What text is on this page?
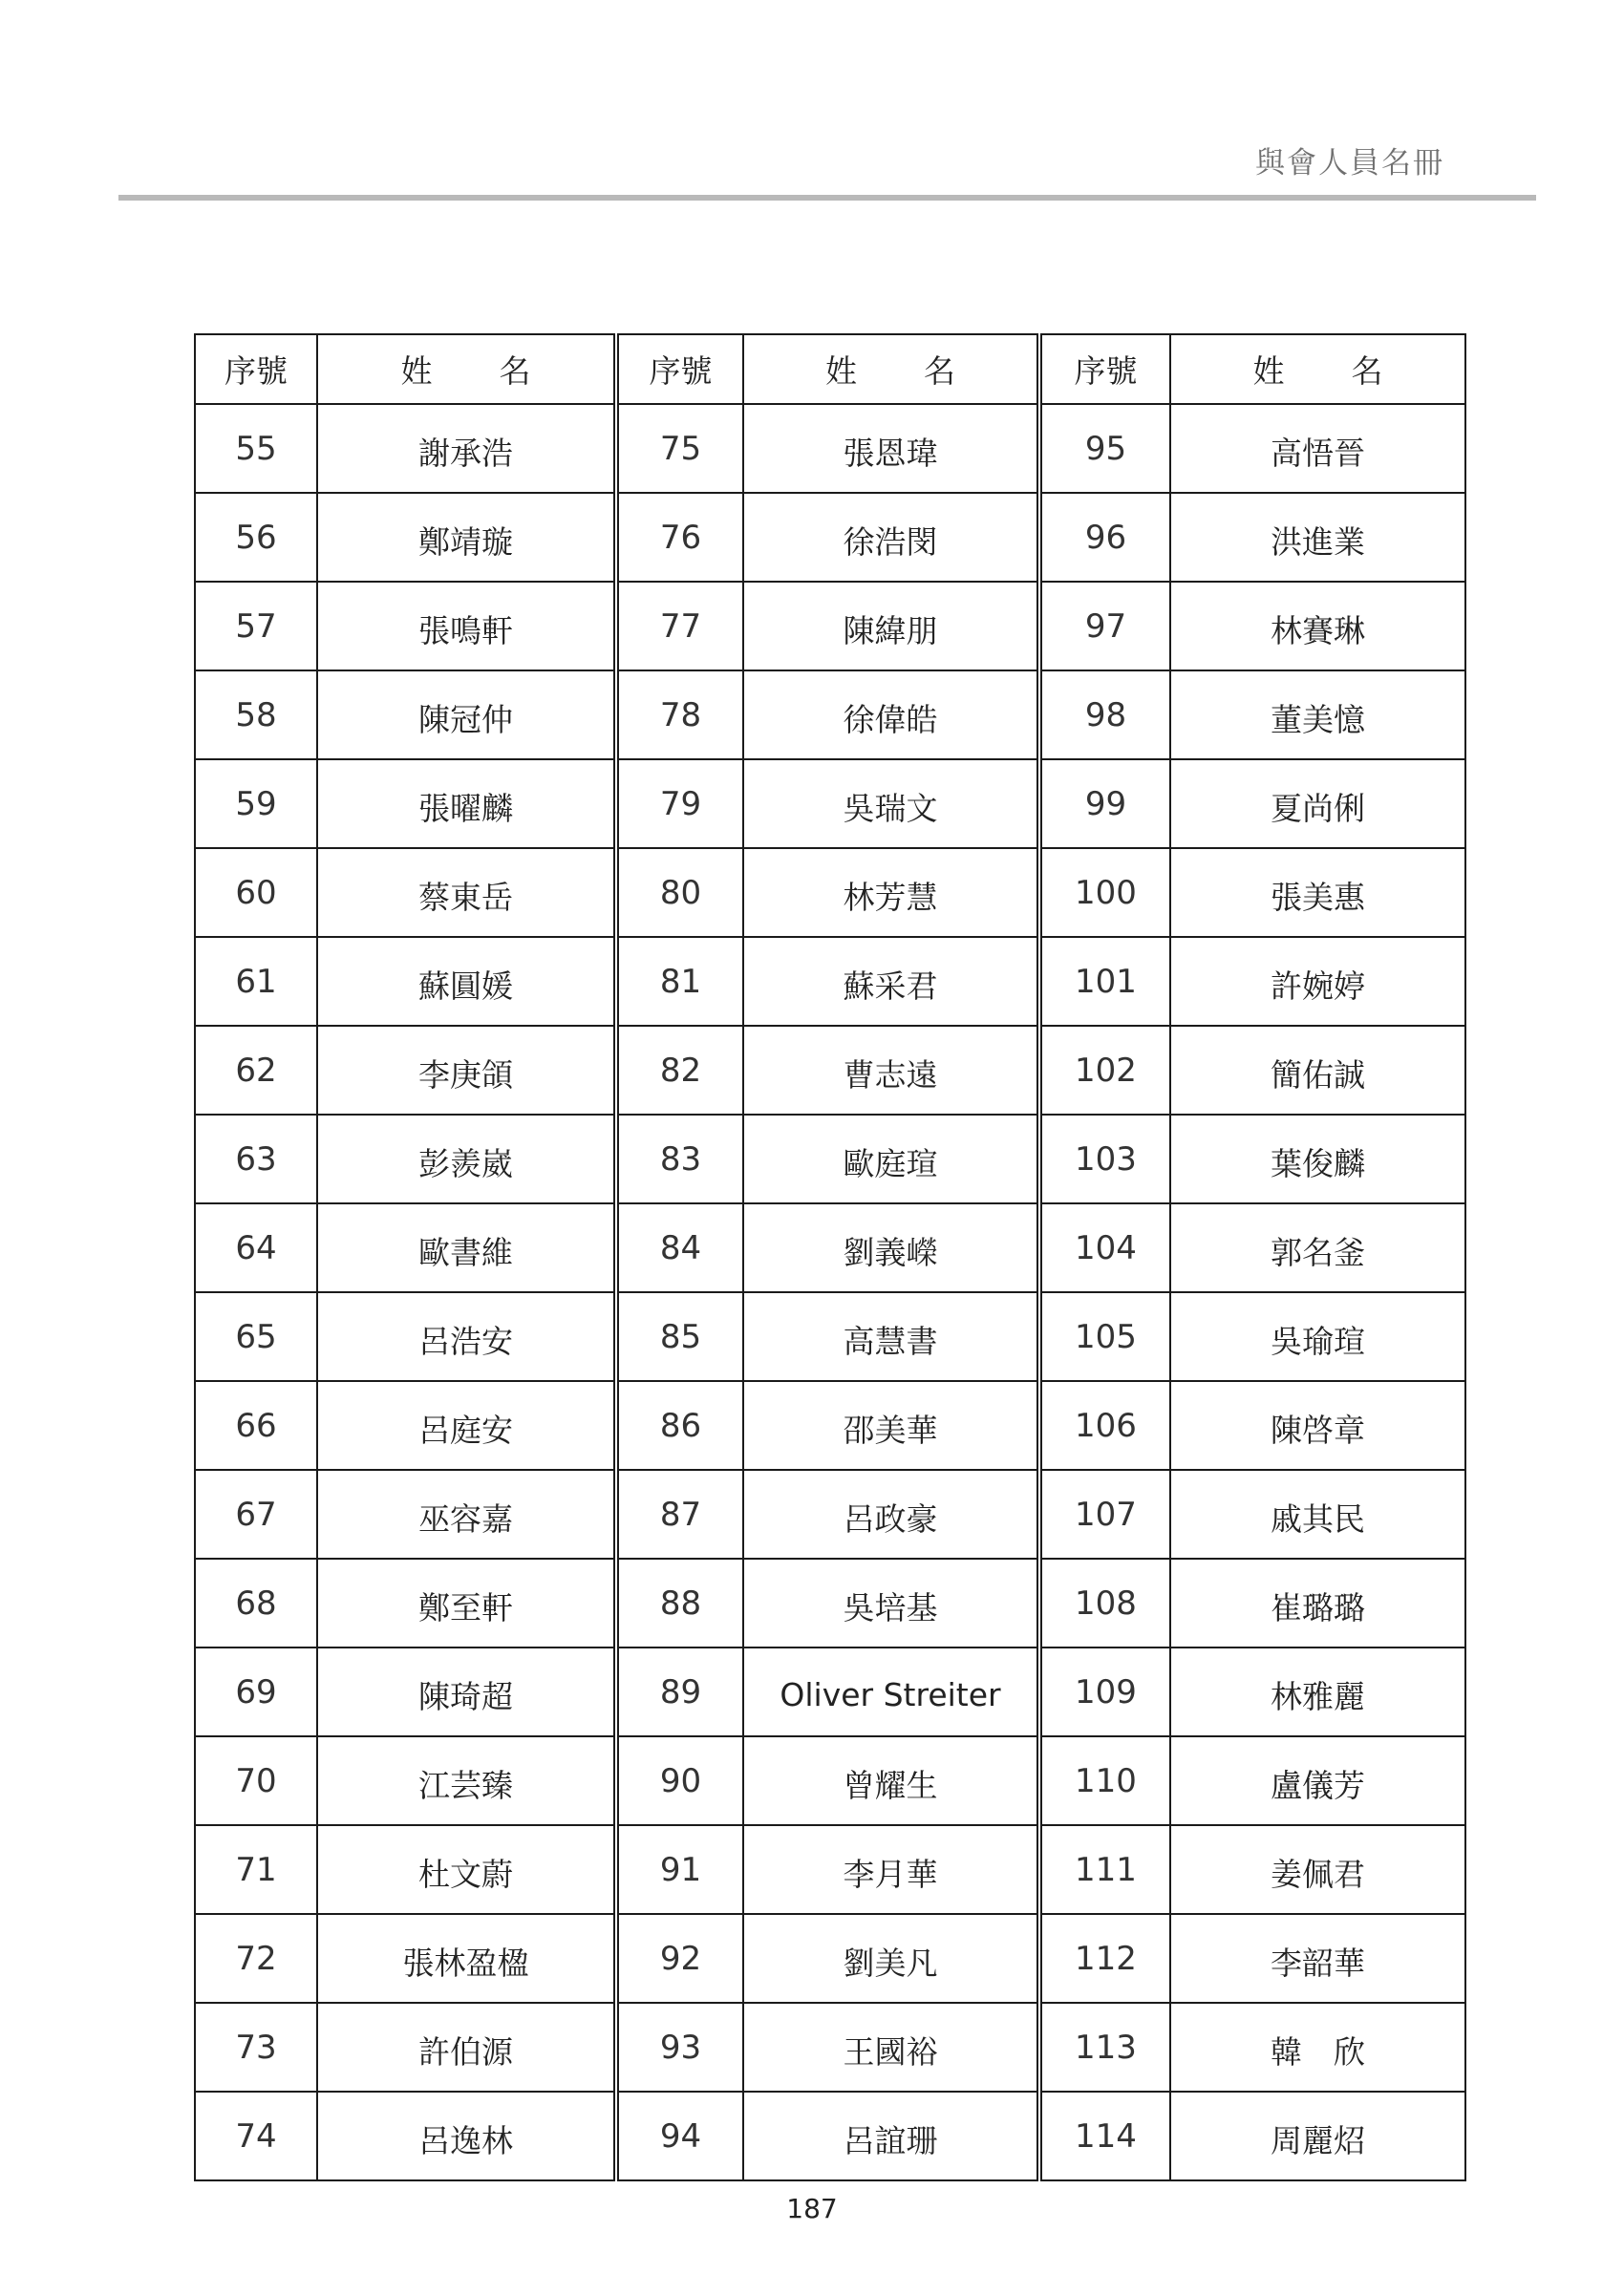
與會人員名冊
序號	姓 名	序號	姓 名	序號	姓 名
55	謝承浩	75	張恩瑋	95	高悟晉
56	鄭靖璇	76	徐浩閔	96	洪進業
57	張鳴軒	77	陳緯朋	97	林賽琳
58	陳冠仲	78	徐偉皓	98	董美憶
59	張曜麟	79	吳瑞文	99	夏尚俐
60	蔡東岳	80	林芳慧	100	張美惠
61	蘇圓媛	81	蘇采君	101	許婉婷
62	李庚頜	82	曹志遠	102	簡佑誠
63	彭羨崴	83	歐庭瑄	103	葉俊麟
64	歐書維	84	劉義嶸	104	郭名釜
65	呂浩安	85	高慧書	105	吳瑜瑄
66	呂庭安	86	邵美華	106	陳啓章
67	巫容嘉	87	呂政豪	107	戚其民
68	鄭至軒	88	吳培基	108	崔璐璐
69	陳琦超	89	Oliver Streiter	109	林雅麗
70	江芸臻	90	曾耀生	110	盧儀芳
71	杜文蔚	91	李月華	111	姜佩君
72	張林盈楹	92	劉美凡	112	李韶華
73	許伯源	93	王國裕	113	韓　欣
74	呂逸林	94	呂誼珊	114	周麗炤
187
